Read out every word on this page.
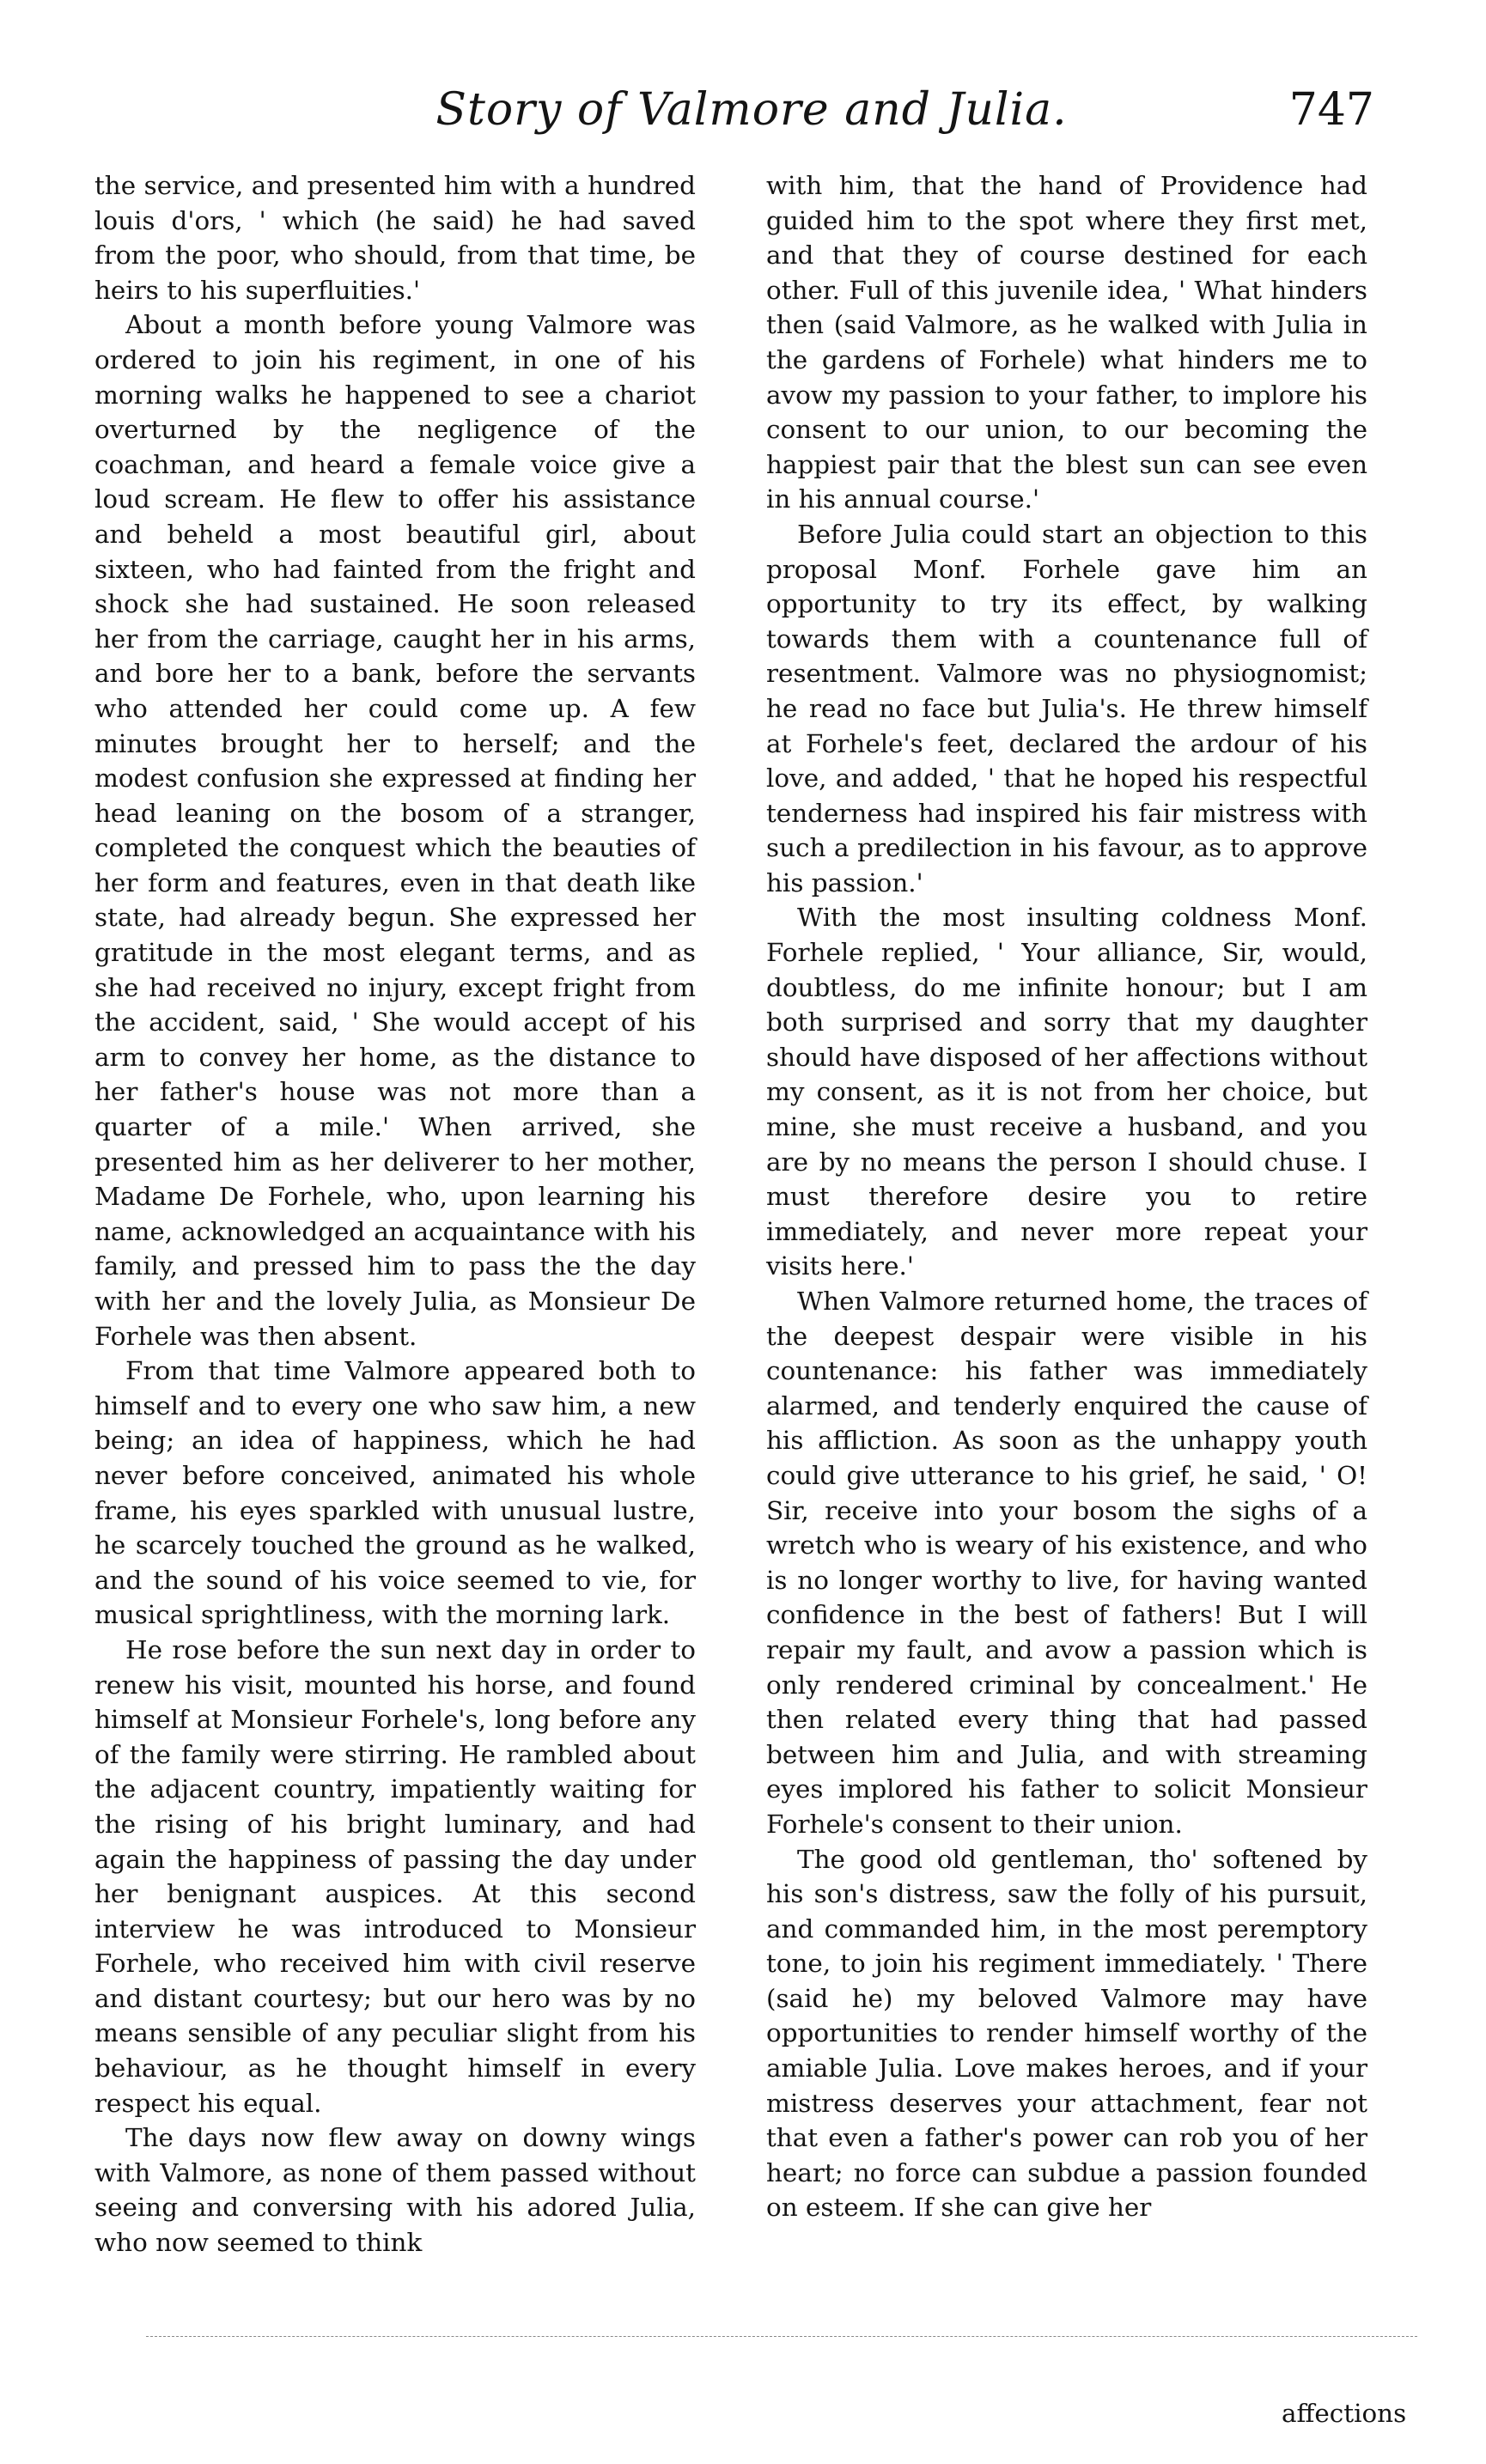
Story of Valmore and Julia.	747

the service, and presented him with a hundred louis d'ors, ' which (he said) he had saved from the poor, who should, from that time, be heirs to his superfluities.'

About a month before young Valmore was ordered to join his regiment, in one of his morning walks he happened to see a chariot overturned by the negligence of the coachman, and heard a female voice give a loud scream. He flew to offer his assistance and beheld a most beautiful girl, about sixteen, who had fainted from the fright and shock she had sustained. He soon released her from the carriage, caught her in his arms, and bore her to a bank, before the servants who attended her could come up. A few minutes brought her to herself; and the modest confusion she expressed at finding her head leaning on the bosom of a stranger, completed the conquest which the beauties of her form and features, even in that death like state, had already begun. She expressed her gratitude in the most elegant terms, and as she had received no injury, except fright from the accident, said, ' She would accept of his arm to convey her home, as the distance to her father's house was not more than a quarter of a mile.' When arrived, she presented him as her deliverer to her mother, Madame De Forhele, who, upon learning his name, acknowledged an acquaintance with his family, and pressed him to pass the the day with her and the lovely Julia, as Monsieur De Forhele was then absent.

From that time Valmore appeared both to himself and to every one who saw him, a new being; an idea of happiness, which he had never before conceived, animated his whole frame, his eyes sparkled with unusual lustre, he scarcely touched the ground as he walked, and the sound of his voice seemed to vie, for musical sprightliness, with the morning lark.

He rose before the sun next day in order to renew his visit, mounted his horse, and found himself at Monsieur Forhele's, long before any of the family were stirring. He rambled about the adjacent country, impatiently waiting for the rising of his bright luminary, and had again the happiness of passing the day under her benignant auspices. At this second interview he was introduced to Monsieur Forhele, who received him with civil reserve and distant courtesy; but our hero was by no means sensible of any peculiar slight from his behaviour, as he thought himself in every respect his equal.

The days now flew away on downy wings with Valmore, as none of them passed without seeing and conversing with his adored Julia, who now seemed to think

with him, that the hand of Providence had guided him to the spot where they first met, and that they of course destined for each other. Full of this juvenile idea, ' What hinders then (said Valmore, as he walked with Julia in the gardens of Forhele) what hinders me to avow my passion to your father, to implore his consent to our union, to our becoming the happiest pair that the blest sun can see even in his annual course.'

Before Julia could start an objection to this proposal Monf. Forhele gave him an opportunity to try its effect, by walking towards them with a countenance full of resentment. Valmore was no physiognomist; he read no face but Julia's. He threw himself at Forhele's feet, declared the ardour of his love, and added, ' that he hoped his respectful tenderness had inspired his fair mistress with such a predilection in his favour, as to approve his passion.'

With the most insulting coldness Monf. Forhele replied, ' Your alliance, Sir, would, doubtless, do me infinite honour; but I am both surprised and sorry that my daughter should have disposed of her affections without my consent, as it is not from her choice, but mine, she must receive a husband, and you are by no means the person I should chuse. I must therefore desire you to retire immediately, and never more repeat your visits here.'

When Valmore returned home, the traces of the deepest despair were visible in his countenance: his father was immediately alarmed, and tenderly enquired the cause of his affliction. As soon as the unhappy youth could give utterance to his grief, he said, ' O! Sir, receive into your bosom the sighs of a wretch who is weary of his existence, and who is no longer worthy to live, for having wanted confidence in the best of fathers! But I will repair my fault, and avow a passion which is only rendered criminal by concealment.' He then related every thing that had passed between him and Julia, and with streaming eyes implored his father to solicit Monsieur Forhele's consent to their union.

The good old gentleman, tho' softened by his son's distress, saw the folly of his pursuit, and commanded him, in the most peremptory tone, to join his regiment immediately. ' There (said he) my beloved Valmore may have opportunities to render himself worthy of the amiable Julia. Love makes heroes, and if your mistress deserves your attachment, fear not that even a father's power can rob you of her heart; no force can subdue a passion founded on esteem. If she can give her

affections
